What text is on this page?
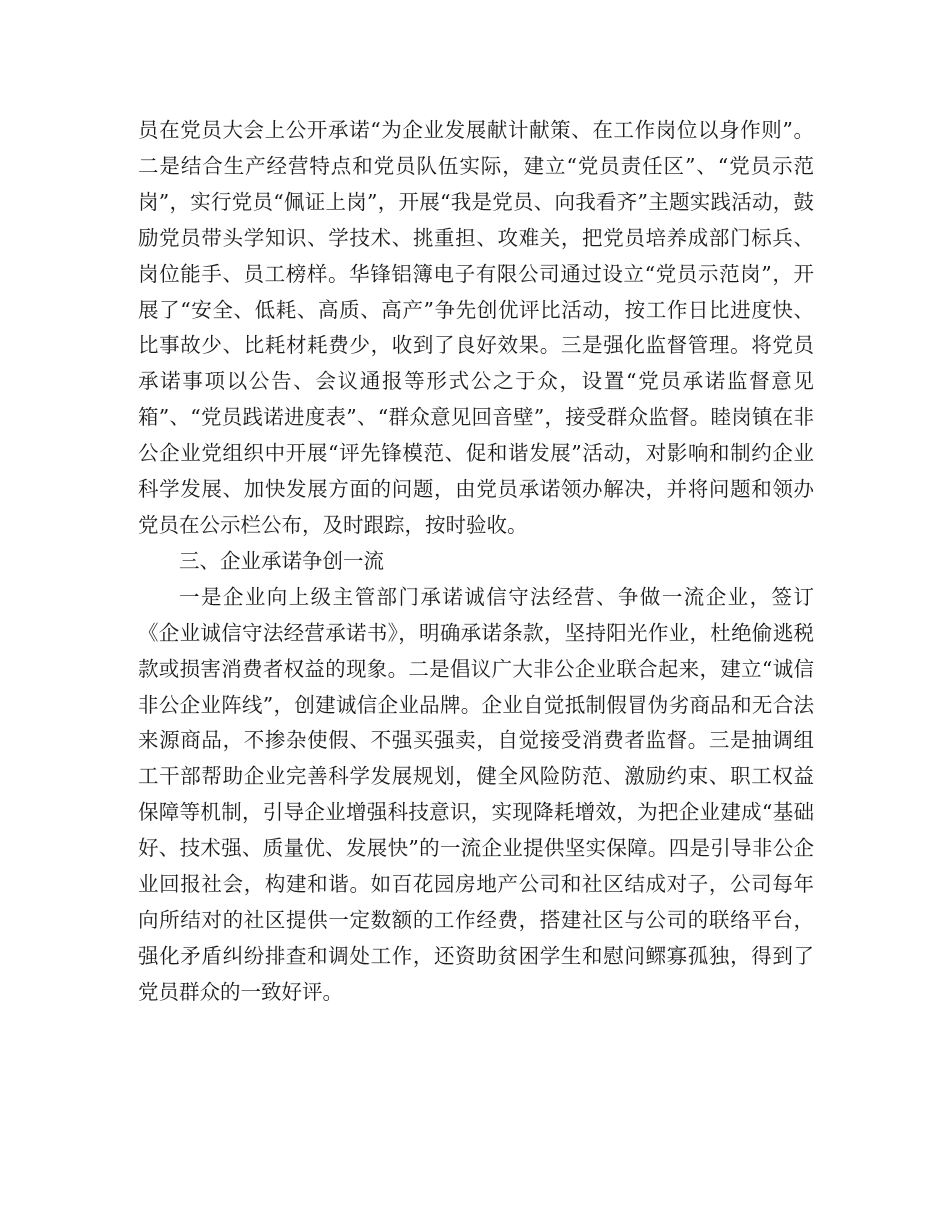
员在党员大会上公开承诺“为企业发展献计献策、在工作岗位以身作则”。二是结合生产经营特点和党员队伍实际，建立“党员责任区”、“党员示范岗”，实行党员“佩证上岗”，开展“我是党员、向我看齐”主题实践活动，鼓励党员带头学知识、学技术、挑重担、攻难关，把党员培养成部门标兵、岗位能手、员工榜样。华锋铝簿电子有限公司通过设立“党员示范岗”，开展了“安全、低耗、高质、高产”争先创优评比活动，按工作日比进度快、比事故少、比耗材耗费少，收到了良好效果。三是强化监督管理。将党员承诺事项以公告、会议通报等形式公之于众，设置“党员承诺监督意见箱”、“党员践诺进度表”、“群众意见回音壁”，接受群众监督。睦岗镇在非公企业党组织中开展“评先锋模范、促和谐发展”活动，对影响和制约企业科学发展、加快发展方面的问题，由党员承诺领办解决，并将问题和领办党员在公示栏公布，及时跟踪，按时验收。

三、企业承诺争创一流

一是企业向上级主管部门承诺诚信守法经营、争做一流企业，签订《企业诚信守法经营承诺书》，明确承诺条款，坚持阳光作业，杜绝偷逃税款或损害消费者权益的现象。二是倡议广大非公企业联合起来，建立“诚信非公企业阵线”，创建诚信企业品牌。企业自觉抵制假冒伪劣商品和无合法来源商品，不掺杂使假、不强买强卖，自觉接受消费者监督。三是抽调组工干部帮助企业完善科学发展规划，健全风险防范、激励约束、职工权益保障等机制，引导企业增强科技意识，实现降耗增效，为把企业建成“基础好、技术强、质量优、发展快”的一流企业提供坚实保障。四是引导非公企业回报社会，构建和谐。如百花园房地产公司和社区结成对子，公司每年向所结对的社区提供一定数额的工作经费，搭建社区与公司的联络平台，强化矛盾纠纷排查和调处工作，还资助贫困学生和慰问鳏寡孤独，得到了党员群众的一致好评。
